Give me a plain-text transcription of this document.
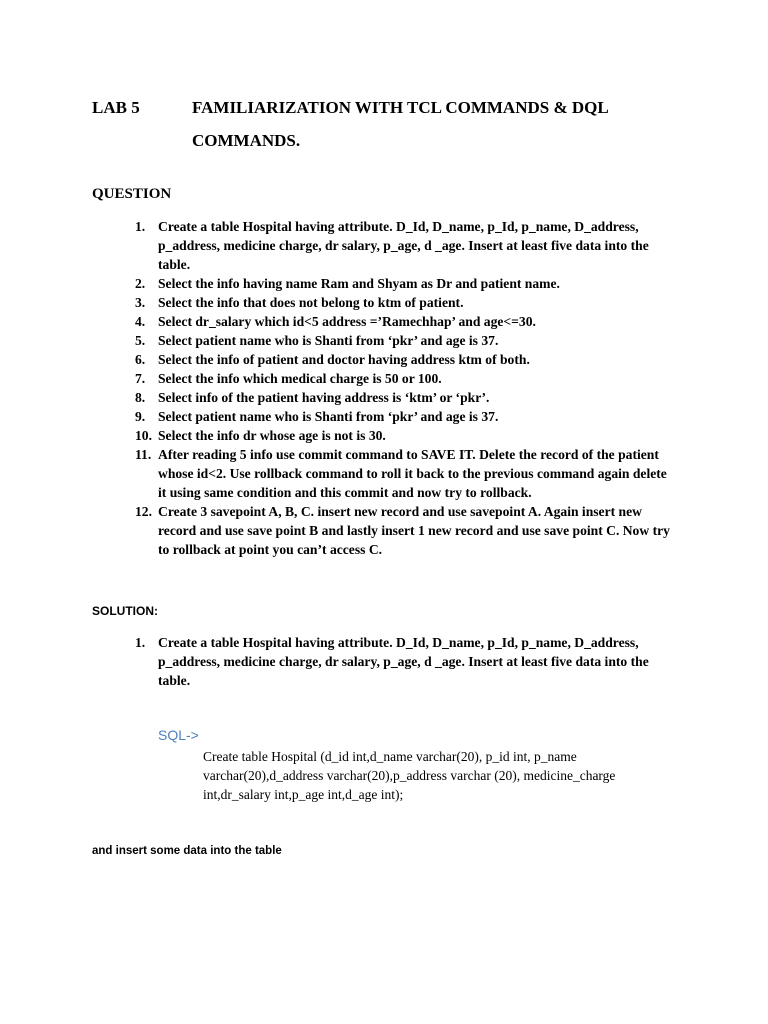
LAB 5	FAMILIARIZATION WITH TCL COMMANDS & DQL COMMANDS.
QUESTION
1. Create a table Hospital having attribute. D_Id, D_name, p_Id, p_name, D_address, p_address, medicine charge, dr salary, p_age, d _age. Insert at least five data into the table.
2. Select the info having name Ram and Shyam as Dr and patient name.
3. Select the info that does not belong to ktm of patient.
4. Select dr_salary which id<5 address =’Ramechhap’ and age<=30.
5. Select patient name who is Shanti from ‘pkr’ and age is 37.
6. Select the info of patient and doctor having address ktm of both.
7. Select the info which medical charge is 50 or 100.
8. Select info of the patient having address is ‘ktm’ or ‘pkr’.
9. Select patient name who is Shanti from ‘pkr’ and age is 37.
10. Select the info dr whose age is not is 30.
11. After reading 5 info use commit command to SAVE IT. Delete the record of the patient whose id<2. Use rollback command to roll it back to the previous command again delete it using same condition and this commit and now try to rollback.
12. Create 3 savepoint A, B, C. insert new record and use savepoint A. Again insert new record and use save point B and lastly insert 1 new record and use save point C. Now try to rollback at point you can’t access C.
SOLUTION:
1. Create a table Hospital having attribute. D_Id, D_name, p_Id, p_name, D_address, p_address, medicine charge, dr salary, p_age, d _age. Insert at least five data into the table.
SQL->
Create table Hospital (d_id int,d_name varchar(20), p_id int, p_name varchar(20),d_address varchar(20),p_address varchar (20), medicine_charge int,dr_salary int,p_age int,d_age int);
and insert some data into the table
